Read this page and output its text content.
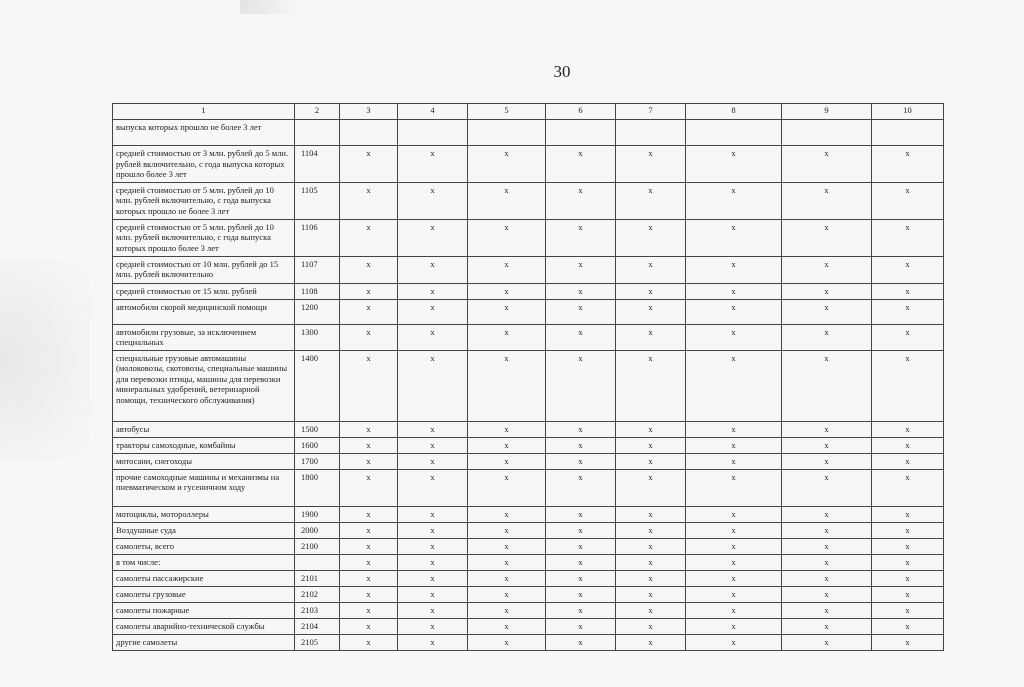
30
1	2	3	4	5	6	7	8	9	10
выпуска которых прошло не более 3 лет									
средней стоимостью от 3 млн. рублей до 5 млн. рублей включительно, с года выпуска которых прошло более 3 лет	1104	х	х	х	х	х	х	х	х
средней стоимостью от 5 млн. рублей до 10 млн. рублей включительно, с года выпуска которых прошло не более 3 лет	1105	х	х	х	х	х	х	х	х
средней стоимостью от 5 млн. рублей до 10 млн. рублей включительно, с года выпуска которых прошло более 3 лет	1106	х	х	х	х	х	х	х	х
средней стоимостью от 10 млн. рублей до 15 млн. рублей включительно	1107	х	х	х	х	х	х	х	х
средней стоимостью от 15 млн. рублей	1108	х	х	х	х	х	х	х	х
автомобили скорой медицинской помощи	1200	х	х	х	х	х	х	х	х
автомобили грузовые, за исключением специальных	1300	х	х	х	х	х	х	х	х
специальные грузовые автомашины (молоковозы, скотовозы, специальные машины для перевозки птицы, машины для перевозки минеральных удобрений, ветеринарной помощи, технического обслуживания)	1400	х	х	х	х	х	х	х	х
автобусы	1500	х	х	х	х	х	х	х	х
тракторы самоходные, комбайны	1600	х	х	х	х	х	х	х	х
мотосани, снегоходы	1700	х	х	х	х	х	х	х	х
прочие самоходные машины и механизмы на пневматическом и гусеничном ходу	1800	х	х	х	х	х	х	х	х
мотоциклы, мотороллеры	1900	х	х	х	х	х	х	х	х
Воздушные суда	2000	х	х	х	х	х	х	х	х
самолеты, всего	2100	х	х	х	х	х	х	х	х
в том числе:		х	х	х	х	х	х	х	х
самолеты пассажирские	2101	х	х	х	х	х	х	х	х
самолеты грузовые	2102	х	х	х	х	х	х	х	х
самолеты пожарные	2103	х	х	х	х	х	х	х	х
самолеты аварийно-технической службы	2104	х	х	х	х	х	х	х	х
другие самолеты	2105	х	х	х	х	х	х	х	х
